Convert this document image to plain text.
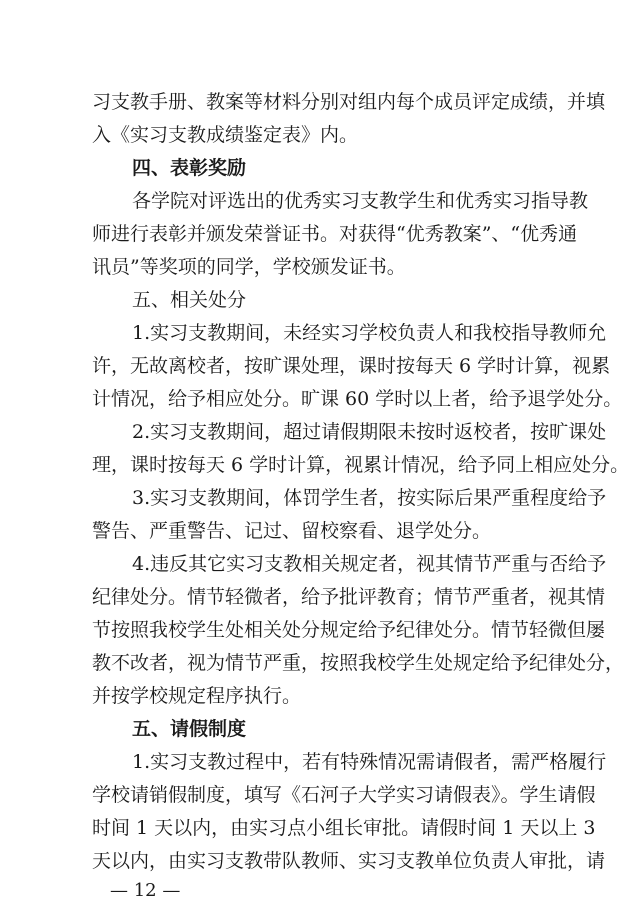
习支教手册、教案等材料分别对组内每个成员评定成绩，并填
入《实习支教成绩鉴定表》内。
四、表彰奖励
各学院对评选出的优秀实习支教学生和优秀实习指导教
师进行表彰并颁发荣誉证书。对获得“优秀教案”、“优秀通
讯员”等奖项的同学，学校颁发证书。
五、相关处分
1.实习支教期间，未经实习学校负责人和我校指导教师允
许，无故离校者，按旷课处理，课时按每天 6 学时计算，视累
计情况，给予相应处分。旷课 60 学时以上者，给予退学处分。
2.实习支教期间，超过请假期限未按时返校者，按旷课处
理，课时按每天 6 学时计算，视累计情况，给予同上相应处分。
3.实习支教期间，体罚学生者，按实际后果严重程度给予
警告、严重警告、记过、留校察看、退学处分。
4.违反其它实习支教相关规定者，视其情节严重与否给予
纪律处分。情节轻微者，给予批评教育；情节严重者，视其情
节按照我校学生处相关处分规定给予纪律处分。情节轻微但屡
教不改者，视为情节严重，按照我校学生处规定给予纪律处分，
并按学校规定程序执行。
五、请假制度
1.实习支教过程中，若有特殊情况需请假者，需严格履行
学校请销假制度，填写《石河子大学实习请假表》。学生请假
时间 1 天以内，由实习点小组长审批。请假时间 1 天以上 3
天以内，由实习支教带队教师、实习支教单位负责人审批，请
— 12 —
